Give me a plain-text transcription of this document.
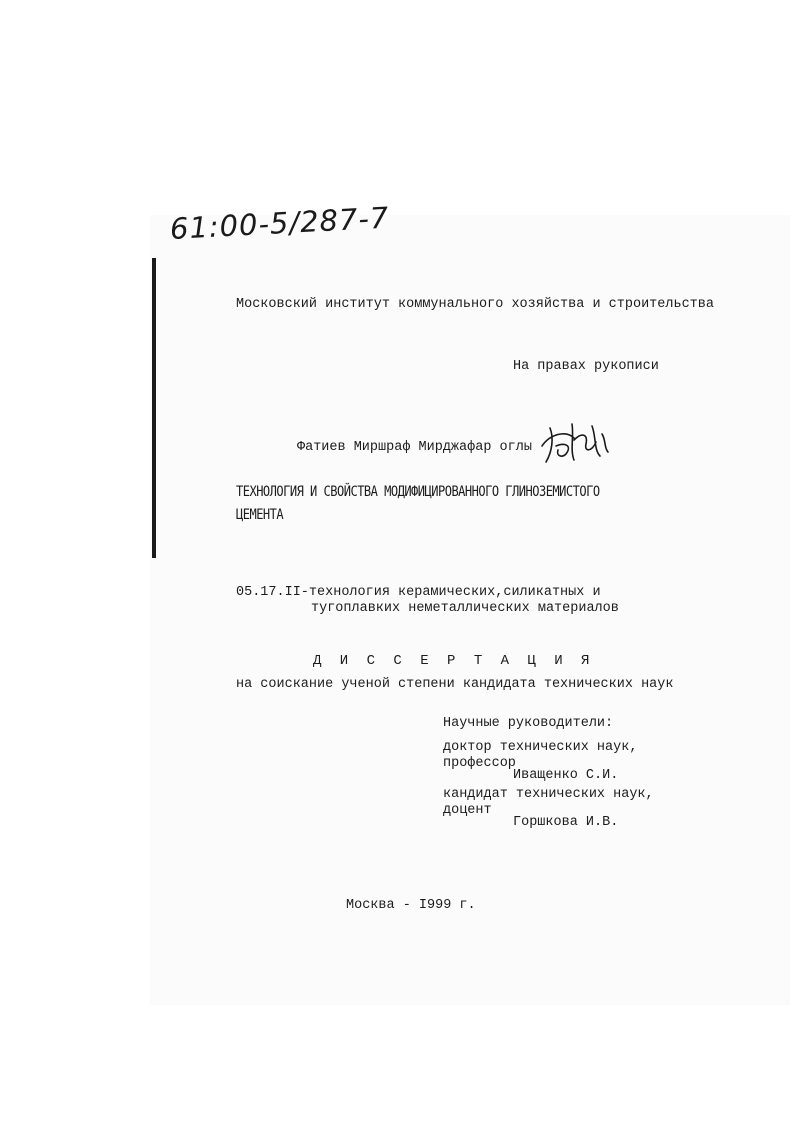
61:00-5/287-7
Московский институт коммунального хозяйства и строительства
На правах рукописи
Фатиев Миршраф Мирджафар оглы
ТЕХНОЛОГИЯ И СВОЙСТВА МОДИФИЦИРОВАННОГО ГЛИНОЗЕМИСТОГО
ЦЕМЕНТА
05.17.II-технология керамических,силикатных и
тугоплавких неметаллических материалов
Д И С С Е Р Т А Ц И Я
на соискание ученой степени кандидата технических наук
Научные руководители:
доктор технических наук,
профессор
Иващенко С.И.
кандидат технических наук,
доцент
Горшкова И.В.
Москва - I999 г.
